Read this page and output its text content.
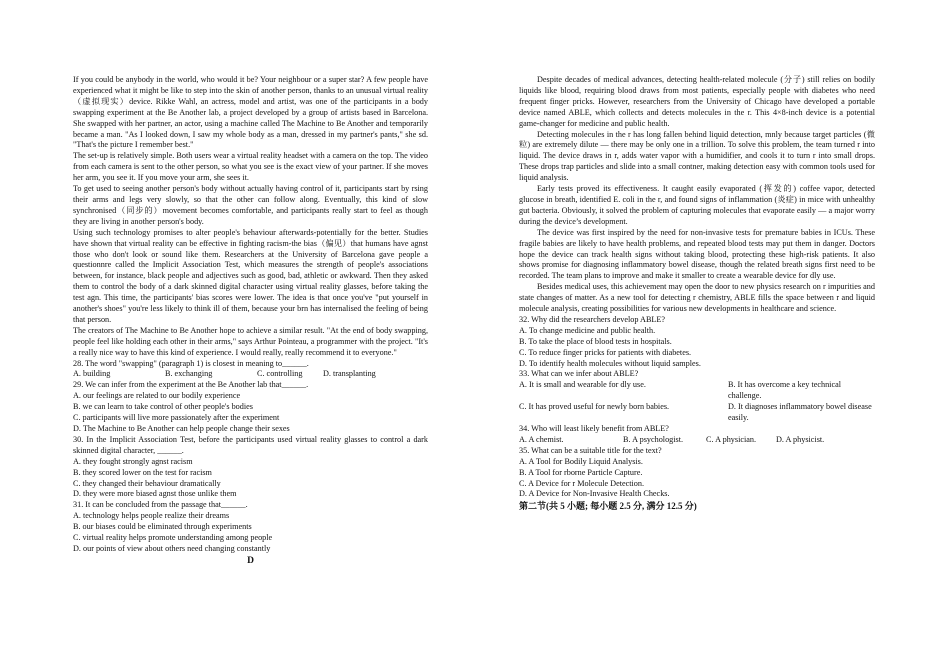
If you could be anybody in the world, who would it be? Your neighbour or a super star? A few people have experienced what it might be like to step into the skin of another person, thanks to an unusual virtual reality（虚拟现实）device. Rikke Wahl, an actress, model and artist, was one of the participants in a body swapping experiment at the Be Another lab, a project developed by a group of artists based in Barcelona. She swapped with her partner, an actor, using a machine called The Machine to Be Another and temporarily became a man. "As I looked down, I saw my whole body as a man, dressed in my partner's pants," she sd. "That's the picture I remember best."

The set-up is relatively simple. Both users wear a virtual reality headset with a camera on the top. The video from each camera is sent to the other person, so what you see is the exact view of your partner. If she moves her arm, you see it. If you move your arm, she sees it.

To get used to seeing another person's body without actually having control of it, participants start by rsing their arms and legs very slowly, so that the other can follow along. Eventually, this kind of slow synchronised（同步的）movement becomes comfortable, and participants really start to feel as though they are living in another person's body.

Using such technology promises to alter people's behaviour afterwards-potentially for the better. Studies have shown that virtual reality can be effective in fighting racism-the bias（偏见）that humans have agnst those who don't look or sound like them. Researchers at the University of Barcelona gave people a questionnre called the Implicit Association Test, which measures the strength of people's associations between, for instance, black people and adjectives such as good, bad, athletic or awkward. Then they asked them to control the body of a dark skinned digital character using virtual reality glasses, before taking the test agn. This time, the participants' bias scores were lower. The idea is that once you've "put yourself in another's shoes" you're less likely to think ill of them, because your brn has internalised the feeling of being that person.

The creators of The Machine to Be Another hope to achieve a similar result. "At the end of body swapping, people feel like holding each other in their arms," says Arthur Pointeau, a programmer with the project. "It's a really nice way to have this kind of experience. I would really, really recommend it to everyone."

28. The word "swapping" (paragraph 1) is closest in meaning to______.

A. building	B. exchanging	C. controlling	D. transplanting

29. We can infer from the experiment at the Be Another lab that______.

A. our feelings are related to our bodily experience

B. we can learn to take control of other people's bodies

C. participants will live more passionately after the experiment

D. The Machine to Be Another can help people change their sexes

30. In the Implicit Association Test, before the participants used virtual reality glasses to control a dark skinned digital character, ______.

A. they fought strongly agnst racism

B. they scored lower on the test for racism

C. they changed their behaviour dramatically

D. they were more biased agnst those unlike them

31. It can be concluded from the passage that______.

A. technology helps people realize their dreams

B. our biases could be eliminated through experiments

C. virtual reality helps promote understanding among people

D. our points of view about others need changing constantly

D

Despite decades of medical advances, detecting health-related molecule (分子) still relies on bodily liquids like blood, requiring blood draws from most patients, especially people with diabetes who need frequent finger pricks. However, researchers from the University of Chicago have developed a portable device named ABLE, which collects and detects molecules in the r. This 4×8-inch device is a potential game-changer for medicine and public health.

Detecting molecules in the r has long fallen behind liquid detection, mnly because target particles (微粒) are extremely dilute — there may be only one in a trillion. To solve this problem, the team turned r into liquid. The device draws in r, adds water vapor with a humidifier, and cools it to turn r into small drops. These drops trap particles and slide into a small contner, making detection easy with common tools used for liquid analysis.

Early tests proved its effectiveness. It caught easily evaporated (挥发的) coffee vapor, detected glucose in breath, identified E. coli in the r, and found signs of inflammation (炎症) in mice with unhealthy gut bacteria. Obviously, it solved the problem of capturing molecules that evaporate easily — a major worry during the device’s development.

The device was first inspired by the need for non-invasive tests for premature babies in ICUs. These fragile babies are likely to have health problems, and repeated blood tests may put them in danger. Doctors hope the device can track health signs without taking blood, protecting these high-risk patients. It also shows promise for diagnosing inflammatory bowel disease, though the related breath signs first need to be recorded. The team plans to improve and make it smaller to create a wearable device for dly use.

Besides medical uses, this achievement may open the door to new physics research on r impurities and state changes of matter. As a new tool for detecting r chemistry, ABLE fills the space between r and liquid molecule analysis, creating possibilities for various new developments in healthcare and science.

32. Why did the researchers develop ABLE?

A. To change medicine and public health.

B. To take the place of blood tests in hospitals.

C. To reduce finger pricks for patients with diabetes.

D. To identify health molecules without liquid samples.

33. What can we infer about ABLE?

A. It is small and wearable for dly use.	B. It has overcome a key technical challenge.
C. It has proved useful for newly born babies.	D. It diagnoses inflammatory bowel disease easily.

34. Who will least likely benefit from ABLE?

A. A chemist.	B. A psychologist.	C. A physician.	D. A physicist.

35. What can be a suitable title for the text?

A. A Tool for Bodily Liquid Analysis.

B. A Tool for rborne Particle Capture.

C. A Device for r Molecule Detection.

D. A Device for Non-Invasive Health Checks.

第二节(共 5 小题; 每小题 2.5 分, 满分 12.5 分)
